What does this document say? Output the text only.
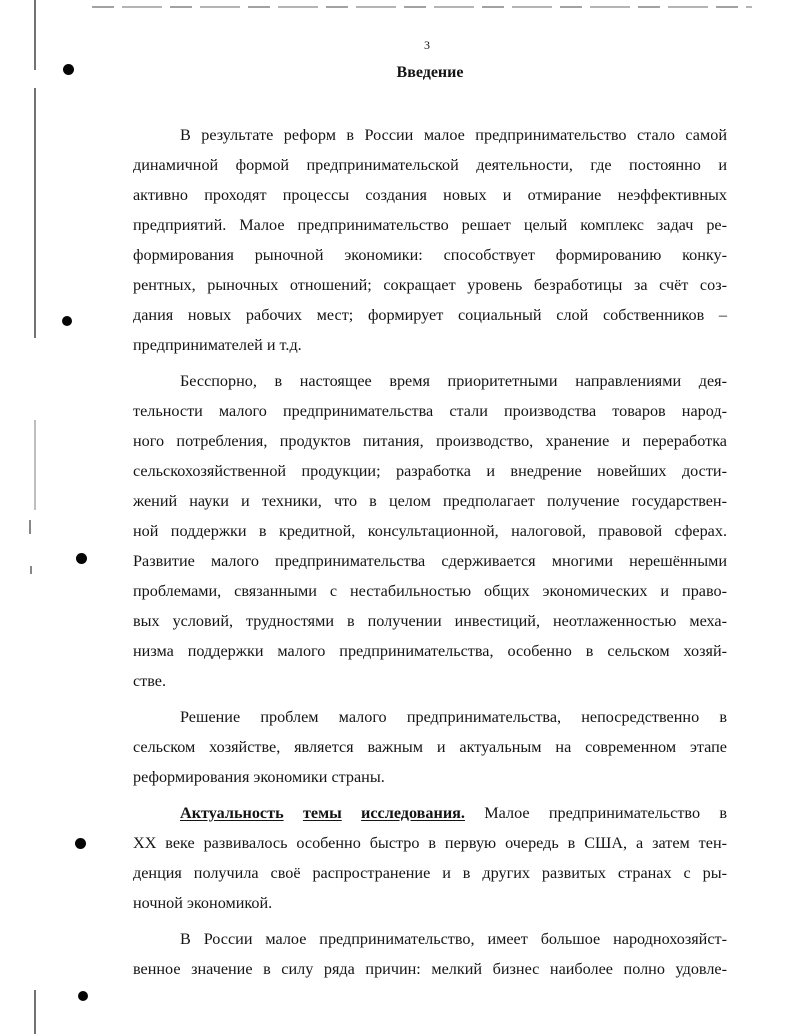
3
Введение
В результате реформ в России малое предпринимательство стало самой
динамичной формой предпринимательской деятельности, где постоянно и
активно проходят процессы создания новых и отмирание неэффективных
предприятий. Малое предпринимательство решает целый комплекс задач ре-
формирования рыночной экономики: способствует формированию конку-
рентных, рыночных отношений; сокращает уровень безработицы за счёт соз-
дания новых рабочих мест; формирует социальный слой собственников –
предпринимателей и т.д.
Бесспорно, в настоящее время приоритетными направлениями дея-
тельности малого предпринимательства стали производства товаров народ-
ного потребления, продуктов питания, производство, хранение и переработка
сельскохозяйственной продукции; разработка и внедрение новейших дости-
жений науки и техники, что в целом предполагает получение государствен-
ной поддержки в кредитной, консультационной, налоговой, правовой сферах.
Развитие малого предпринимательства сдерживается многими нерешёнными
проблемами, связанными с нестабильностью общих экономических и право-
вых условий, трудностями в получении инвестиций, неотлаженностью меха-
низма поддержки малого предпринимательства, особенно в сельском хозяй-
стве.
Решение проблем малого предпринимательства, непосредственно в
сельском хозяйстве, является важным и актуальным на современном этапе
реформирования экономики страны.
Актуальность темы исследования. Малое предпринимательство в
XX веке развивалось особенно быстро в первую очередь в США, а затем тен-
денция получила своё распространение и в других развитых странах с ры-
ночной экономикой.
В России малое предпринимательство, имеет большое народнохозяйст-
венное значение в силу ряда причин: мелкий бизнес наиболее полно удовле-
